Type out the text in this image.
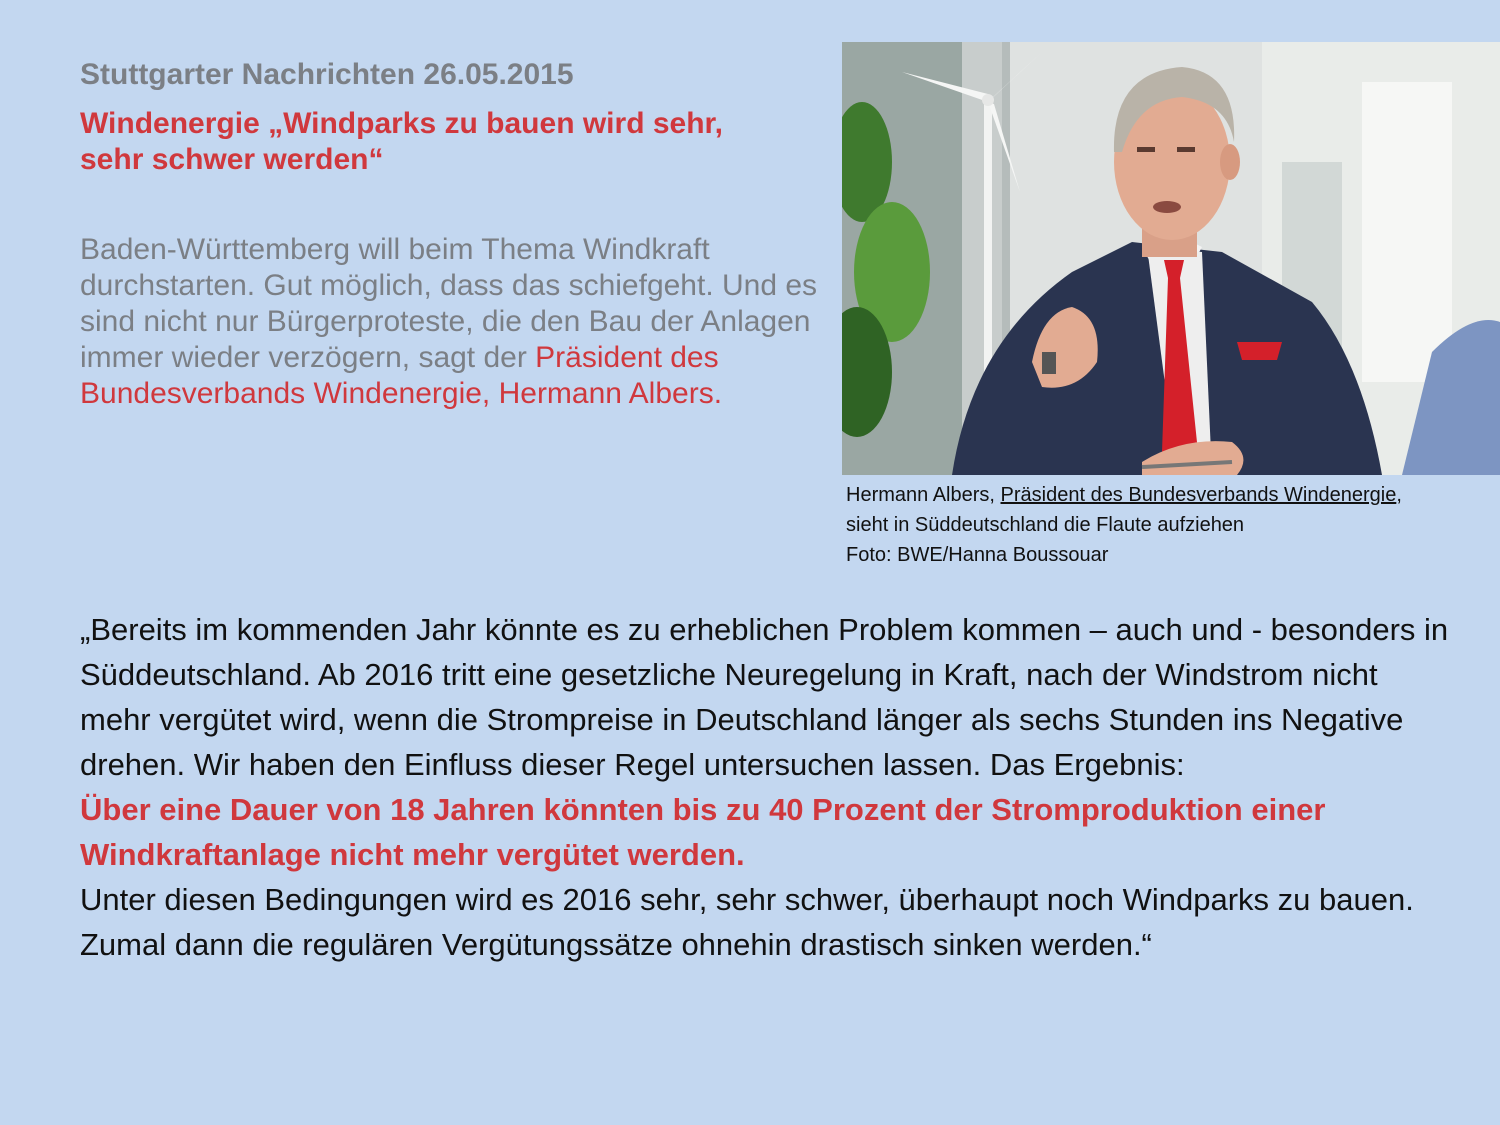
Stuttgarter Nachrichten 26.05.2015
Windenergie „Windparks zu bauen wird sehr,
sehr schwer werden“
Baden-Württemberg will beim Thema Windkraft durchstarten. Gut möglich, dass das schiefgeht. Und es sind nicht nur Bürgerproteste, die den Bau der Anlagen immer wieder verzögern, sagt der Präsident des Bundesverbands Windenergie, Hermann Albers.
Hermann Albers, Präsident des Bundesverbands Windenergie,
sieht in Süddeutschland die Flaute aufziehen
Foto: BWE/Hanna Boussouar
„Bereits im kommenden Jahr könnte es zu erheblichen Problem kommen – auch und - besonders in Süddeutschland. Ab 2016 tritt eine gesetzliche Neuregelung in Kraft, nach der Windstrom nicht mehr vergütet wird, wenn die Strompreise in Deutschland länger als sechs Stunden ins Negative drehen. Wir haben den Einfluss dieser Regel untersuchen lassen. Das Ergebnis:
Über eine Dauer von 18 Jahren könnten bis zu 40 Prozent der Stromproduktion einer Windkraftanlage nicht mehr vergütet werden.
Unter diesen Bedingungen wird es 2016 sehr, sehr schwer, überhaupt noch Windparks zu bauen. Zumal dann die regulären Vergütungssätze ohnehin drastisch sinken werden.“
